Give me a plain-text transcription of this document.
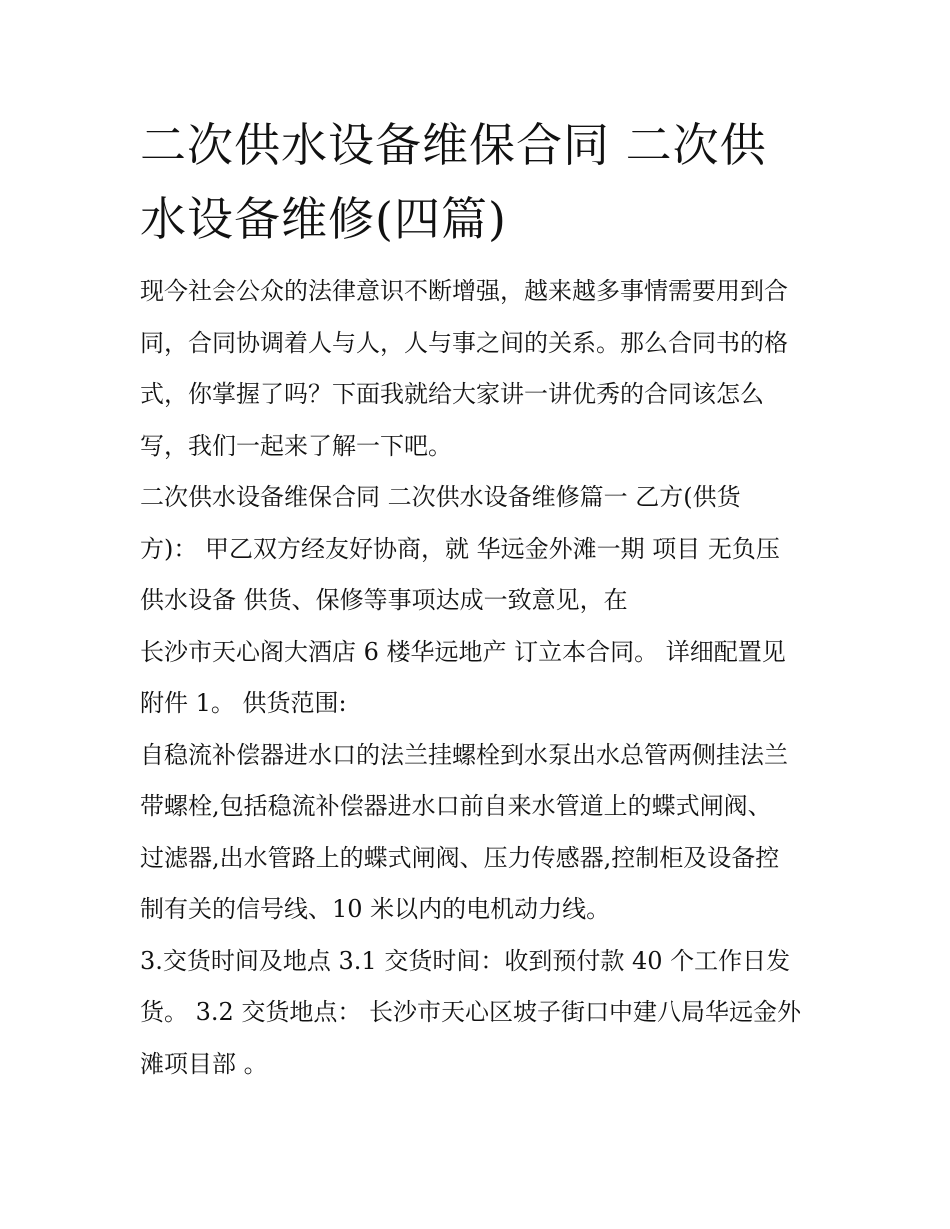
二次供水设备维保合同 二次供
水设备维修(四篇)

现今社会公众的法律意识不断增强，越来越多事情需要用到合
同，合同协调着人与人，人与事之间的关系。那么合同书的格
式，你掌握了吗？下面我就给大家讲一讲优秀的合同该怎么
写，我们一起来了解一下吧。

二次供水设备维保合同 二次供水设备维修篇一 乙方(供货
方)： 甲乙双方经友好协商，就 华远金外滩一期 项目 无负压
供水设备 供货、保修等事项达成一致意见，在
长沙市天心阁大酒店 6 楼华远地产 订立本合同。 详细配置见
附件 1。 供货范围:

自稳流补偿器进水口的法兰挂螺栓到水泵出水总管两侧挂法兰
带螺栓,包括稳流补偿器进水口前自来水管道上的蝶式闸阀、
过滤器,出水管路上的蝶式闸阀、压力传感器,控制柜及设备控
制有关的信号线、10 米以内的电机动力线。

3.交货时间及地点 3.1 交货时间：收到预付款 40 个工作日发
货。 3.2 交货地点： 长沙市天心区坡子街口中建八局华远金外
滩项目部 。
